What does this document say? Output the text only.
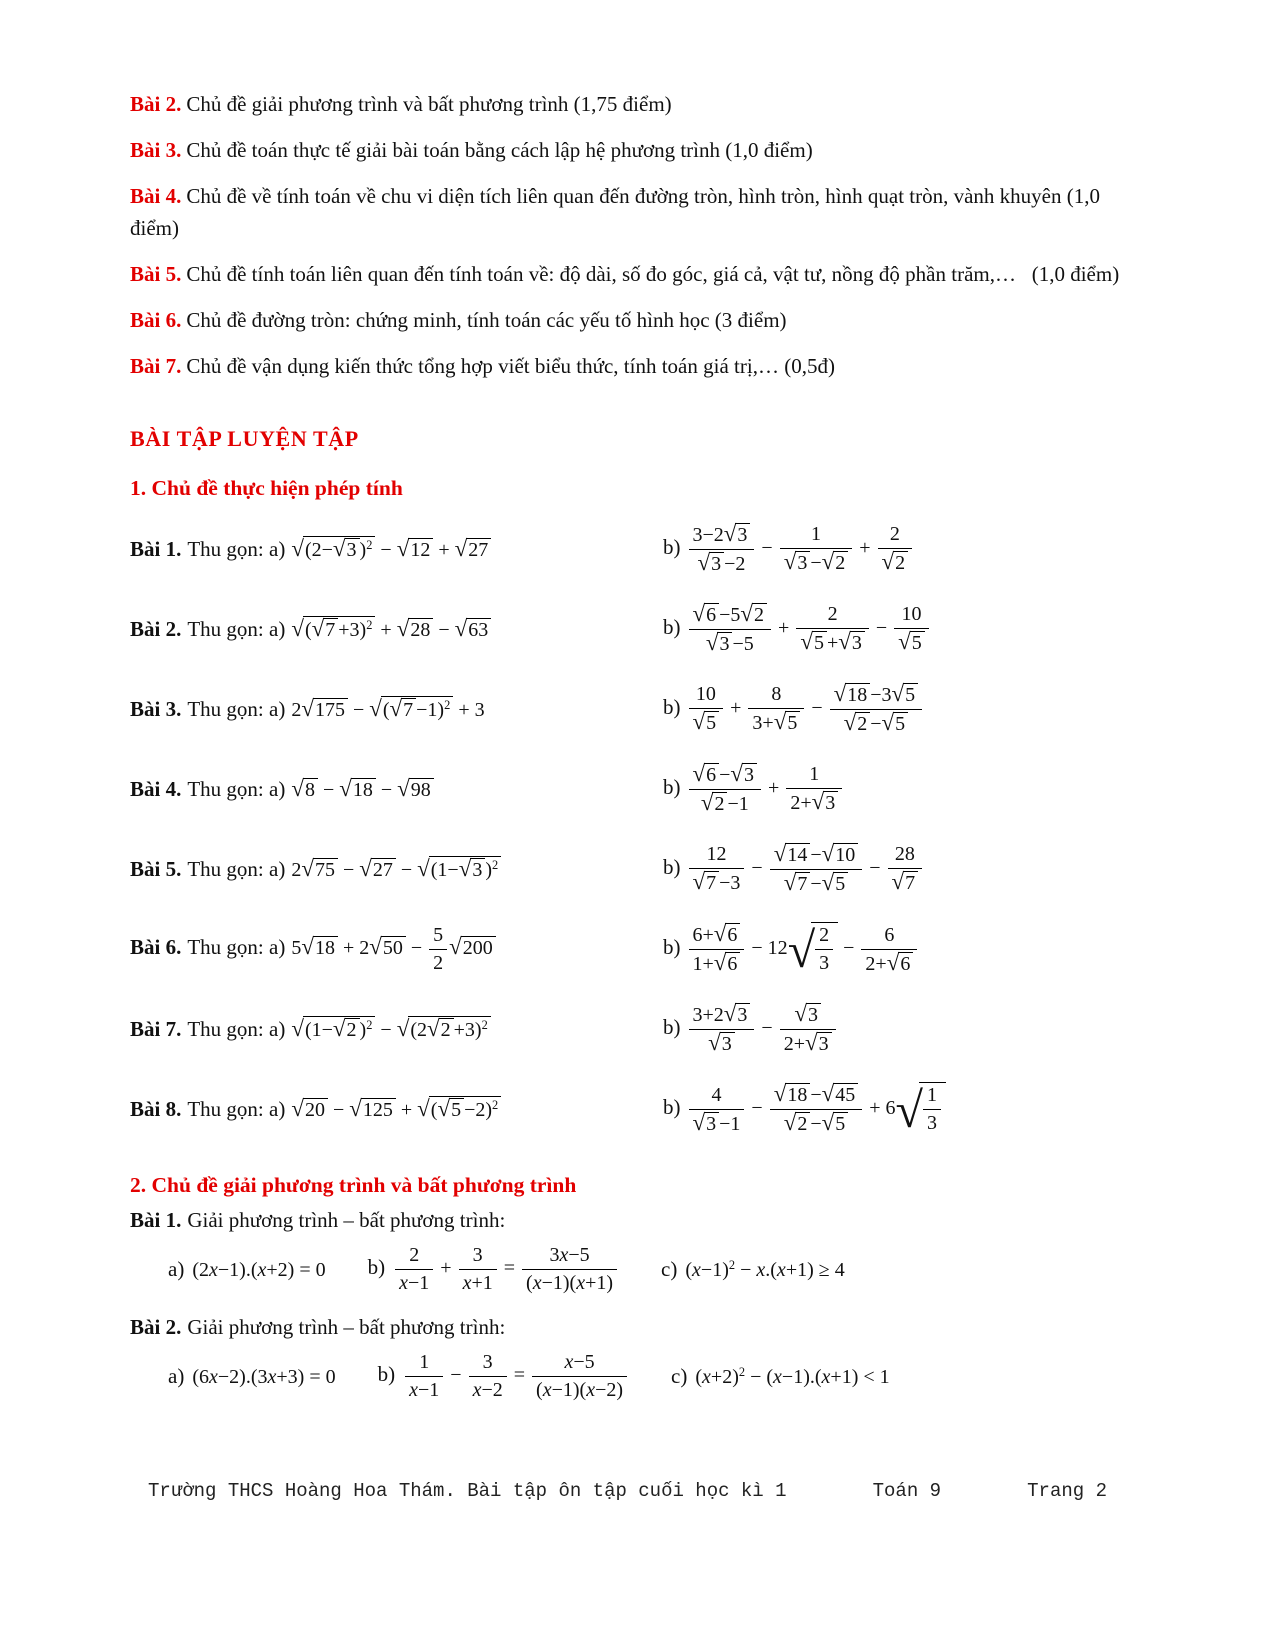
Bài 2. Chủ đề giải phương trình và bất phương trình (1,75 điểm)

Bài 3. Chủ đề toán thực tế giải bài toán bằng cách lập hệ phương trình (1,0 điểm)

Bài 4. Chủ đề về tính toán về chu vi diện tích liên quan đến đường tròn, hình tròn, hình quạt tròn, vành khuyên (1,0 điểm)

Bài 5. Chủ đề tính toán liên quan đến tính toán về: độ dài, số đo góc, giá cả, vật tư, nồng độ phần trăm,…   (1,0 điểm)

Bài 6. Chủ đề đường tròn: chứng minh, tính toán các yếu tố hình học (3 điểm)

Bài 7. Chủ đề vận dụng kiến thức tổng hợp viết biểu thức, tính toán giá trị,… (0,5đ)

BÀI TẬP LUYỆN TẬP
1. Chủ đề thực hiện phép tính
Bài 1. Thu gọn: a) √(2−√3 )$^2$ − √12 + √27	$b) \frac{3-2√3}{√3 -2} - \frac{1}{√3 -√2} + \frac{2}{√2}$
Bài 2. Thu gọn: a) $√(√7 +3)^2 + √28 - √63$	$b) \frac{√6 -5√2}{√3 -5} + \frac{2}{√5 +√3} - \frac{10}{√5}$
Bài 3. Thu gọn: a) $2√175 - √(√7 -1)^2 + 3$	$b) \frac{10}{√5} + \frac{8}{3+√5} - \frac{√18 -3√5}{√2 -√5}$
Bài 4. Thu gọn: a) √8 − √18 − √98	$b) \frac{√6 -√3}{√2 -1} + \frac{1}{2+√3}$
Bài 5. Thu gọn: a) 2√75 − √27 − √(1−√3 )$^2$	$b) \frac{12}{√7 -3} - \frac{√14 -√10}{√7 -√5} - \frac{28}{√7}$
Bài 6. Thu gọn: a) $5√18 + 2√50 - \frac{5}{2} √200$	$b) \frac{6+√6}{1+√6} - 12√ \frac{2}{3} - \frac{6}{2+√6}$
Bài 7. Thu gọn: a) √(1−√2 )$^2 - √(2√2 +3)^2$	$b) \frac{3+2√3}{√3} - \frac{√3}{2+√3}$
Bài 8. Thu gọn: a) $√20 - √125 + √(√5 -2)^2$	$b) \frac{4}{√3 -1} - \frac{√18 -√45}{√2 -√5} + 6√ \frac{1}{3}$
2. Chủ đề giải phương trình và bất phương trình

Bài 1. Giải phương trình – bất phương trình:

a) (2x−1).(x+2) = 0 $b) \frac{2}{x-1} + \frac{3}{x+1} = \frac{3x-5}{(x-1)(x+1)} c$) $(x-1)^2 - x.(x+1) \ge 4$

Bài 2. Giải phương trình – bất phương trình:

a) (6x−2).(3x+3) = 0 $b) \frac{1}{x-1} - \frac{3}{x-2} = \frac{x-5}{(x-1)(x-2)} c$) $(x+2)^2 - (x-1).(x+1) < 1$
Trường THCS Hoàng Hoa Thám. Bài tập ôn tập cuối học kì 1	Toán 9	Trang 2
